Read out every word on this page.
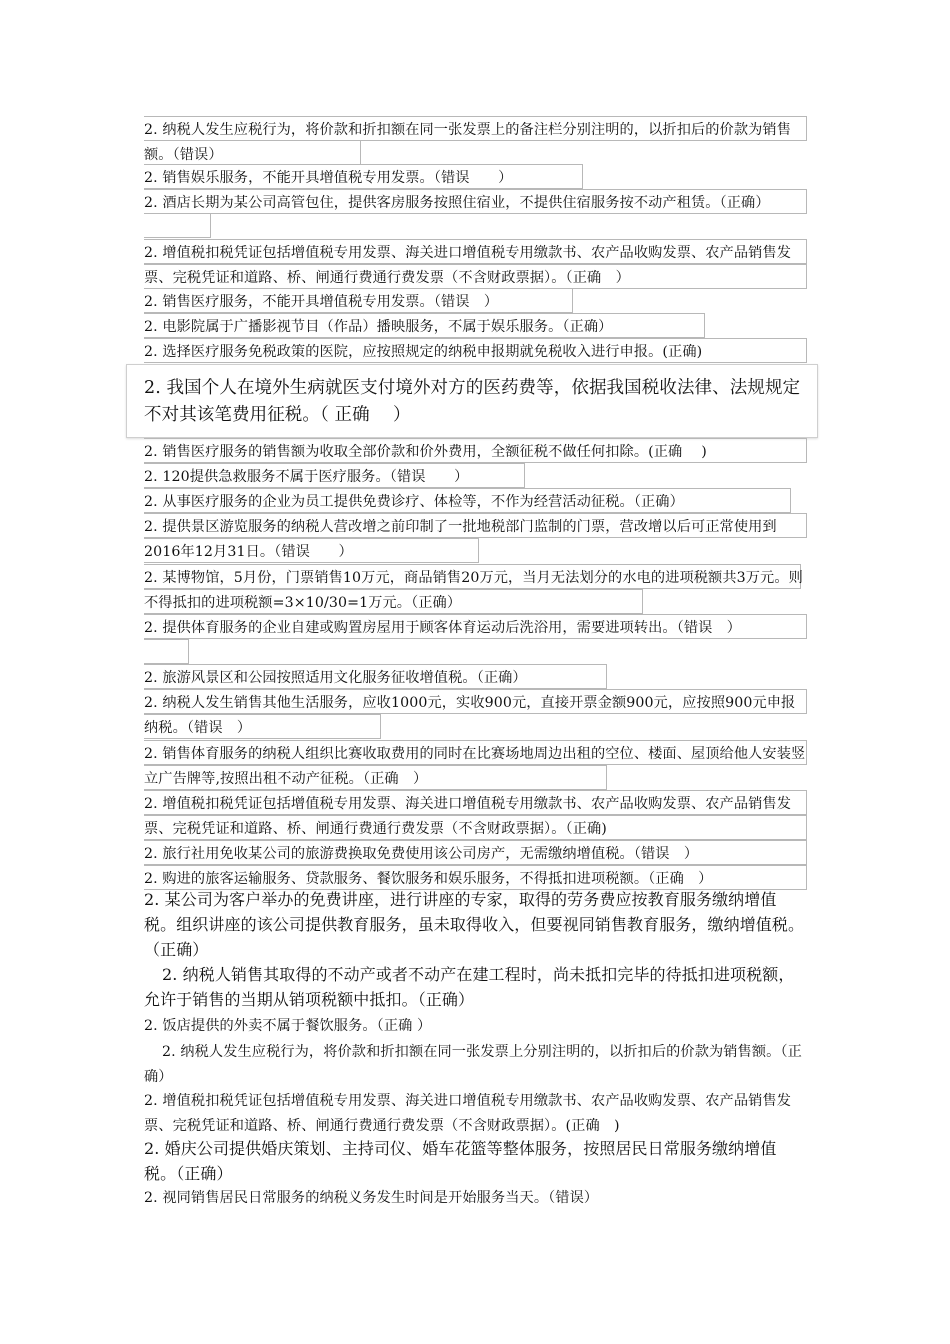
2. 纳税人发生应税行为，将价款和折扣额在同一张发票上的备注栏分别注明的，以折扣后的价款为销售额。（错误）
2. 销售娱乐服务，不能开具增值税专用发票。（错误　　）
2. 酒店长期为某公司高管包住，提供客房服务按照住宿业，不提供住宿服务按不动产租赁。（正确）
2. 增值税扣税凭证包括增值税专用发票、海关进口增值税专用缴款书、农产品收购发票、农产品销售发票、完税凭证和道路、桥、闸通行费通行费发票（不含财政票据）。（正确　）
2. 销售医疗服务，不能开具增值税专用发票。（错误　）
2. 电影院属于广播影视节目（作品）播映服务，不属于娱乐服务。（正确）
2. 选择医疗服务免税政策的医院，应按照规定的纳税申报期就免税收入进行申报。(正确)
2. 我国个人在境外生病就医支付境外对方的医药费等，依据我国税收法律、法规规定不对其该笔费用征税。（ 正确　 ）
2. 销售医疗服务的销售额为收取全部价款和价外费用，全额征税不做任何扣除。(正确　 )
2. 120提供急救服务不属于医疗服务。（错误　　）
2. 从事医疗服务的企业为员工提供免费诊疗、体检等，不作为经营活动征税。（正确）
2. 提供景区游览服务的纳税人营改增之前印制了一批地税部门监制的门票，营改增以后可正常使用到2016年12月31日。（错误　　）
2. 某博物馆，5月份，门票销售10万元，商品销售20万元，当月无法划分的水电的进项税额共3万元。则不得抵扣的进项税额=3×10/30=1万元。（正确）
2. 提供体育服务的企业自建或购置房屋用于顾客体育运动后洗浴用，需要进项转出。（错误　）
2. 旅游风景区和公园按照适用文化服务征收增值税。（正确）
2. 纳税人发生销售其他生活服务，应收1000元，实收900元，直接开票金额900元，应按照900元申报纳税。（错误　）
2. 销售体育服务的纳税人组织比赛收取费用的同时在比赛场地周边出租的空位、楼面、屋顶给他人安装竖立广告牌等,按照出租不动产征税。（正确　）
2. 增值税扣税凭证包括增值税专用发票、海关进口增值税专用缴款书、农产品收购发票、农产品销售发票、完税凭证和道路、桥、闸通行费通行费发票（不含财政票据）。（正确)
2. 旅行社用免收某公司的旅游费换取免费使用该公司房产，无需缴纳增值税。（错误　）
2. 购进的旅客运输服务、贷款服务、餐饮服务和娱乐服务，不得抵扣进项税额。（正确　）
2. 某公司为客户举办的免费讲座，进行讲座的专家，取得的劳务费应按教育服务缴纳增值税。组织讲座的该公司提供教育服务，虽未取得收入，但要视同销售教育服务，缴纳增值税。（正确）
2. 纳税人销售其取得的不动产或者不动产在建工程时，尚未抵扣完毕的待抵扣进项税额，允许于销售的当期从销项税额中抵扣。（正确）
2. 饭店提供的外卖不属于餐饮服务。（正确 ）
2. 纳税人发生应税行为，将价款和折扣额在同一张发票上分别注明的，以折扣后的价款为销售额。（正确）
2. 增值税扣税凭证包括增值税专用发票、海关进口增值税专用缴款书、农产品收购发票、农产品销售发票、完税凭证和道路、桥、闸通行费通行费发票（不含财政票据）。(正确　)
2. 婚庆公司提供婚庆策划、主持司仪、婚车花篮等整体服务，按照居民日常服务缴纳增值税。（正确）
2. 视同销售居民日常服务的纳税义务发生时间是开始服务当天。（错误）
